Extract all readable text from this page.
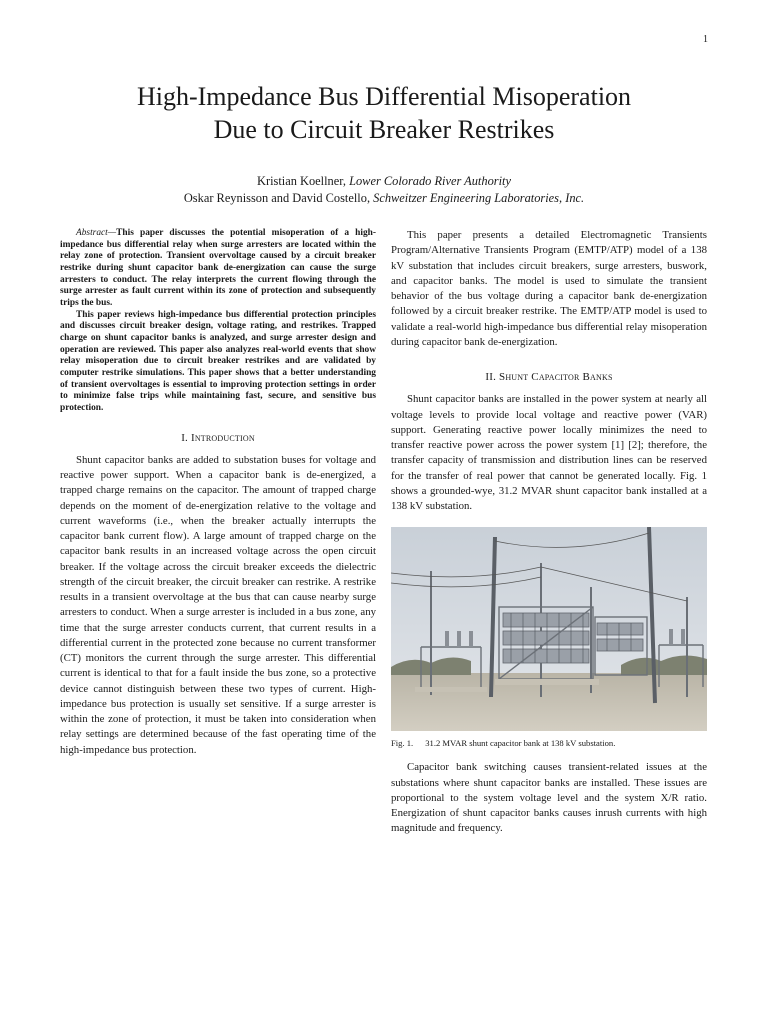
1
High-Impedance Bus Differential Misoperation
Due to Circuit Breaker Restrikes
Kristian Koellner, Lower Colorado River Authority
Oskar Reynisson and David Costello, Schweitzer Engineering Laboratories, Inc.

Abstract—This paper discusses the potential misoperation of a high-impedance bus differential relay when surge arresters are located within the relay zone of protection. Transient overvoltage caused by a circuit breaker restrike during shunt capacitor bank de-energization can cause the surge arresters to conduct. The relay interprets the current flowing through the surge arrester as fault current within its zone of protection and subsequently trips the bus.

This paper reviews high-impedance bus differential protection principles and discusses circuit breaker design, voltage rating, and restrikes. Trapped charge on shunt capacitor banks is analyzed, and surge arrester design and operation are reviewed. This paper also analyzes real-world events that show relay misoperation due to circuit breaker restrikes and are validated by computer restrike simulations. This paper shows that a better understanding of transient overvoltages is essential to improving protection settings in order to minimize false trips while maintaining fast, secure, and sensitive bus protection.

I. Introduction

Shunt capacitor banks are added to substation buses for voltage and reactive power support. When a capacitor bank is de-energized, a trapped charge remains on the capacitor. The amount of trapped charge depends on the moment of de-energization relative to the voltage and current waveforms (i.e., when the breaker actually interrupts the capacitor bank current flow). A large amount of trapped charge on the capacitor bank results in an increased voltage across the open circuit breaker. If the voltage across the circuit breaker exceeds the dielectric strength of the circuit breaker, the circuit breaker can restrike. A restrike results in a transient overvoltage at the bus that can cause nearby surge arresters to conduct. When a surge arrester is included in a bus zone, any time that the surge arrester conducts current, that current results in a differential current in the protected zone because no current transformer (CT) monitors the current through the surge arrester. This differential current is identical to that for a fault inside the bus zone, so a protective device cannot distinguish between these two types of current. High-impedance bus protection is usually set sensitive. If a surge arrester is within the zone of protection, it must be taken into consideration when relay settings are determined because of the fast operating time of the high-impedance bus protection.

This paper presents a detailed Electromagnetic Transients Program/Alternative Transients Program (EMTP/ATP) model of a 138 kV substation that includes circuit breakers, surge arresters, buswork, and capacitor banks. The model is used to simulate the transient behavior of the bus voltage during a capacitor bank de-energization followed by a circuit breaker restrike. The EMTP/ATP model is used to validate a real-world high-impedance bus differential relay misoperation during capacitor bank de-energization.

II. Shunt Capacitor Banks

Shunt capacitor banks are installed in the power system at nearly all voltage levels to provide local voltage and reactive power (VAR) support. Generating reactive power locally minimizes the need to transfer reactive power across the power system [1] [2]; therefore, the transfer capacity of transmission and distribution lines can be reserved for the transfer of real power that cannot be generated locally. Fig. 1 shows a grounded-wye, 31.2 MVAR shunt capacitor bank installed at a 138 kV substation.

Fig. 1. 31.2 MVAR shunt capacitor bank at 138 kV substation.

Capacitor bank switching causes transient-related issues at the substations where shunt capacitor banks are installed. These issues are proportional to the system voltage level and the system X/R ratio. Energization of shunt capacitor banks causes inrush currents with high magnitude and frequency.
